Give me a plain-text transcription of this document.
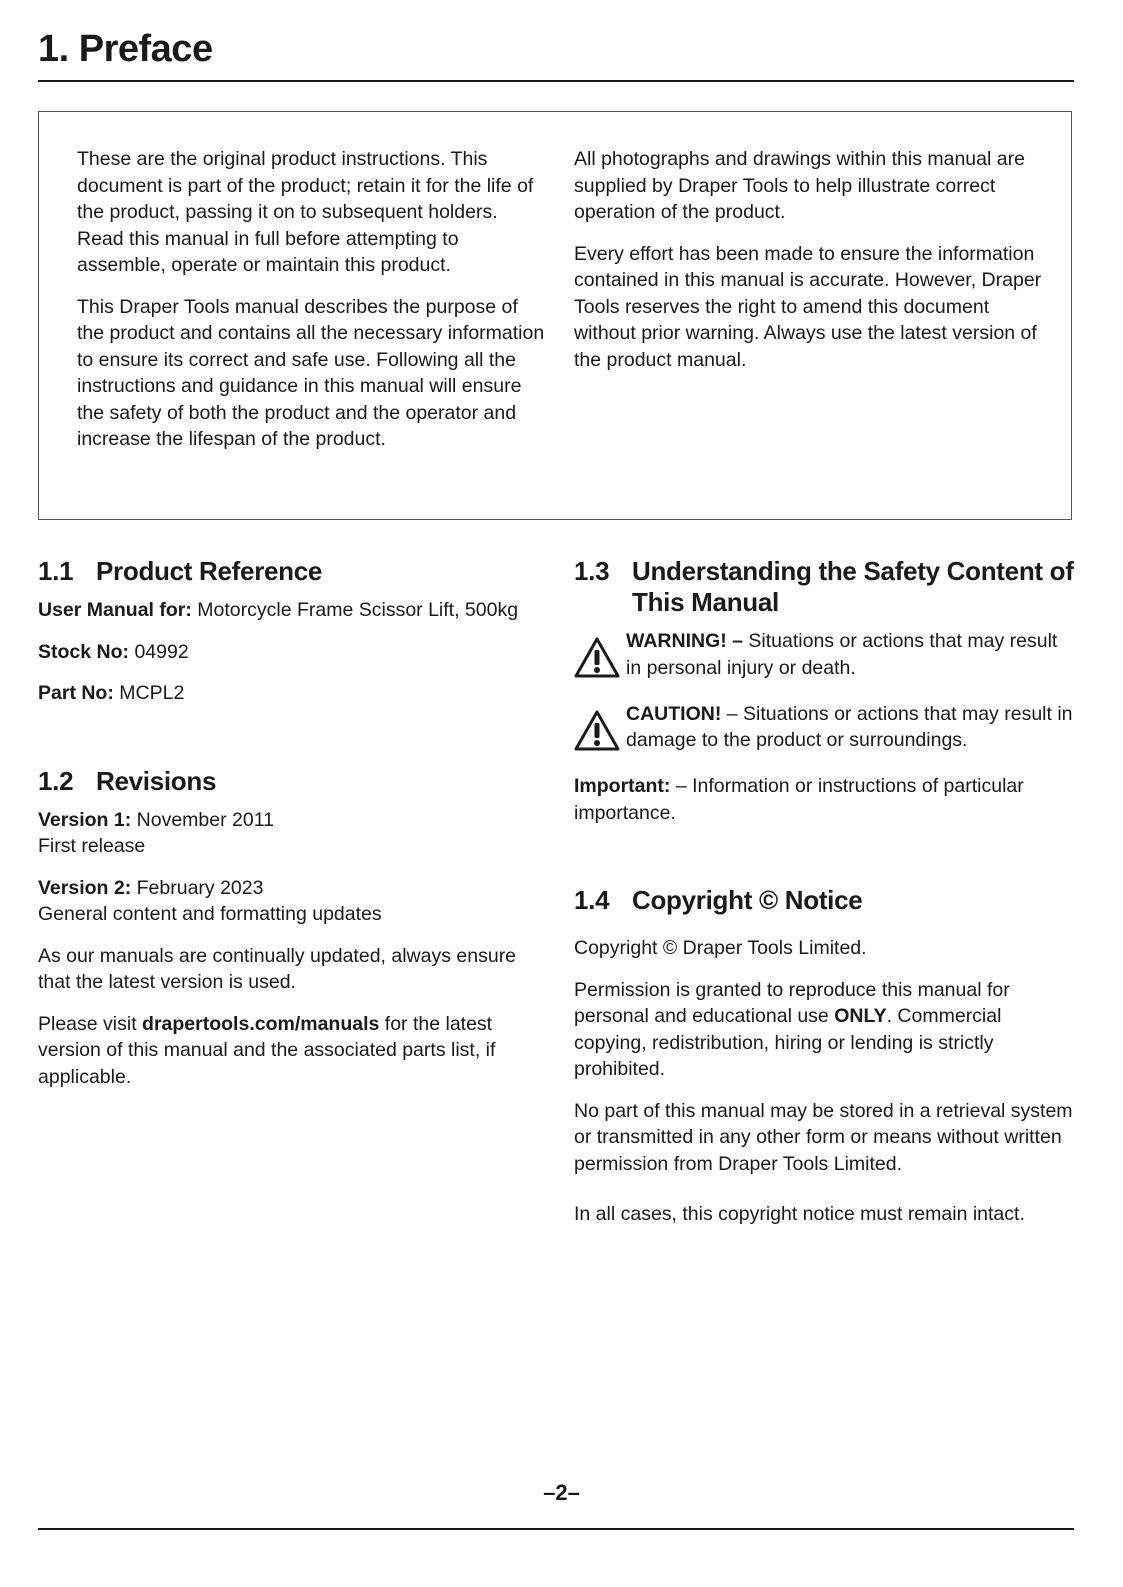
1. Preface

These are the original product instructions. This document is part of the product; retain it for the life of the product, passing it on to subsequent holders. Read this manual in full before attempting to assemble, operate or maintain this product.

This Draper Tools manual describes the purpose of the product and contains all the necessary information to ensure its correct and safe use. Following all the instructions and guidance in this manual will ensure the safety of both the product and the operator and increase the lifespan of the product.

All photographs and drawings within this manual are supplied by Draper Tools to help illustrate correct operation of the product.

Every effort has been made to ensure the information contained in this manual is accurate. However, Draper Tools reserves the right to amend this document without prior warning. Always use the latest version of the product manual.

1.1 Product Reference

User Manual for: Motorcycle Frame Scissor Lift, 500kg

Stock No: 04992

Part No: MCPL2

1.2 Revisions

Version 1: November 2011
First release

Version 2: February 2023
General content and formatting updates

As our manuals are continually updated, always ensure that the latest version is used.

Please visit drapertools.com/manuals for the latest version of this manual and the associated parts list, if applicable.

1.3 Understanding the Safety Content of This Manual
WARNING! – Situations or actions that may result in personal injury or death.
CAUTION! – Situations or actions that may result in damage to the product or surroundings.

Important: – Information or instructions of particular importance.

1.4 Copyright © Notice

Copyright © Draper Tools Limited.

Permission is granted to reproduce this manual for personal and educational use ONLY. Commercial copying, redistribution, hiring or lending is strictly prohibited.

No part of this manual may be stored in a retrieval system or transmitted in any other form or means without written permission from Draper Tools Limited.

In all cases, this copyright notice must remain intact.

–2–
